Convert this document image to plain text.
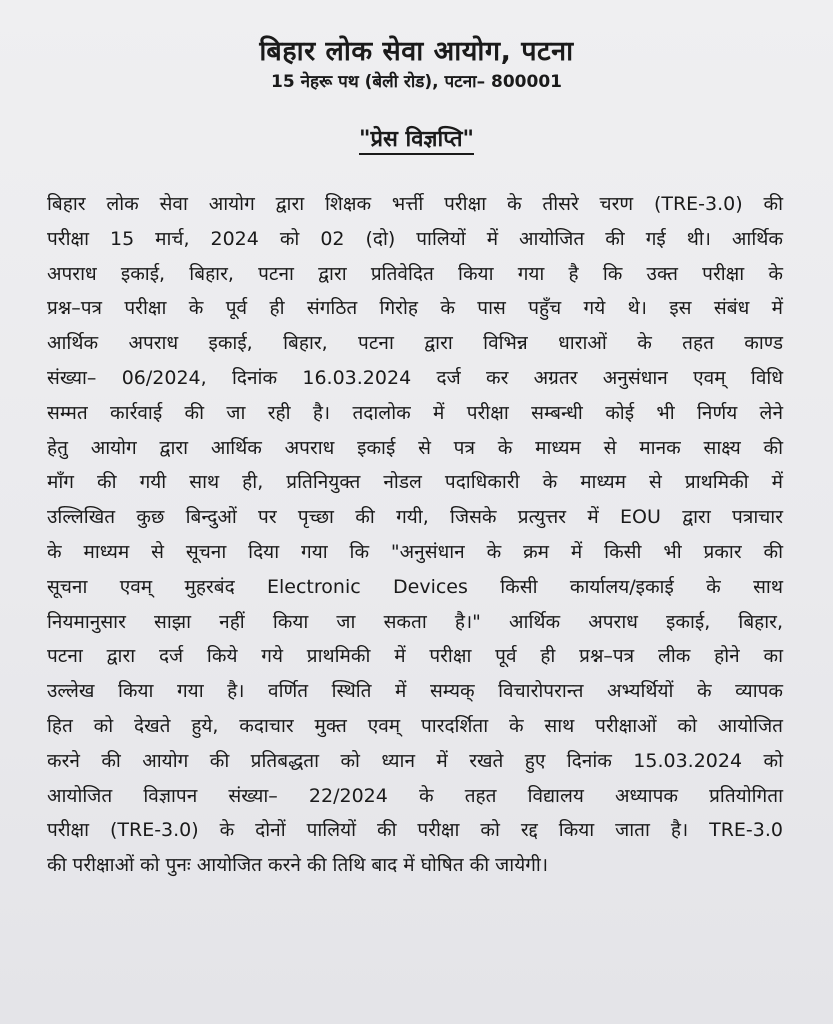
बिहार लोक सेवा आयोग, पटना
15 नेहरू पथ (बेली रोड), पटना– 800001
"प्रेस विज्ञप्ति"
बिहार लोक सेवा आयोग द्वारा शिक्षक भर्त्ती परीक्षा के तीसरे चरण (TRE-3.0) की
परीक्षा 15 मार्च, 2024 को 02 (दो) पालियों में आयोजित की गई थी। आर्थिक
अपराध इकाई, बिहार, पटना द्वारा प्रतिवेदित किया गया है कि उक्त परीक्षा के
प्रश्न–पत्र परीक्षा के पूर्व ही संगठित गिरोह के पास पहुँच गये थे। इस संबंध में
आर्थिक अपराध इकाई, बिहार, पटना द्वारा विभिन्न धाराओं के तहत काण्ड
संख्या– 06/2024, दिनांक 16.03.2024 दर्ज कर अग्रतर अनुसंधान एवम् विधि
सम्मत कार्रवाई की जा रही है। तदालोक में परीक्षा सम्बन्धी कोई भी निर्णय लेने
हेतु आयोग द्वारा आर्थिक अपराध इकाई से पत्र के माध्यम से मानक साक्ष्य की
माँग की गयी साथ ही, प्रतिनियुक्त नोडल पदाधिकारी के माध्यम से प्राथमिकी में
उल्लिखित कुछ बिन्दुओं पर पृच्छा की गयी, जिसके प्रत्युत्तर में EOU द्वारा पत्राचार
के माध्यम से सूचना दिया गया कि "अनुसंधान के क्रम में किसी भी प्रकार की
सूचना एवम् मुहरबंद Electronic Devices किसी कार्यालय/इकाई के साथ
नियमानुसार साझा नहीं किया जा सकता है।" आर्थिक अपराध इकाई, बिहार,
पटना द्वारा दर्ज किये गये प्राथमिकी में परीक्षा पूर्व ही प्रश्न–पत्र लीक होने का
उल्लेख किया गया है। वर्णित स्थिति में सम्यक् विचारोपरान्त अभ्यर्थियों के व्यापक
हित को देखते हुये, कदाचार मुक्त एवम् पारदर्शिता के साथ परीक्षाओं को आयोजित
करने की आयोग की प्रतिबद्धता को ध्यान में रखते हुए दिनांक 15.03.2024 को
आयोजित विज्ञापन संख्या– 22/2024 के तहत विद्यालय अध्यापक प्रतियोगिता
परीक्षा (TRE-3.0) के दोनों पालियों की परीक्षा को रद्द किया जाता है। TRE-3.0
की परीक्षाओं को पुनः आयोजित करने की तिथि बाद में घोषित की जायेगी।
